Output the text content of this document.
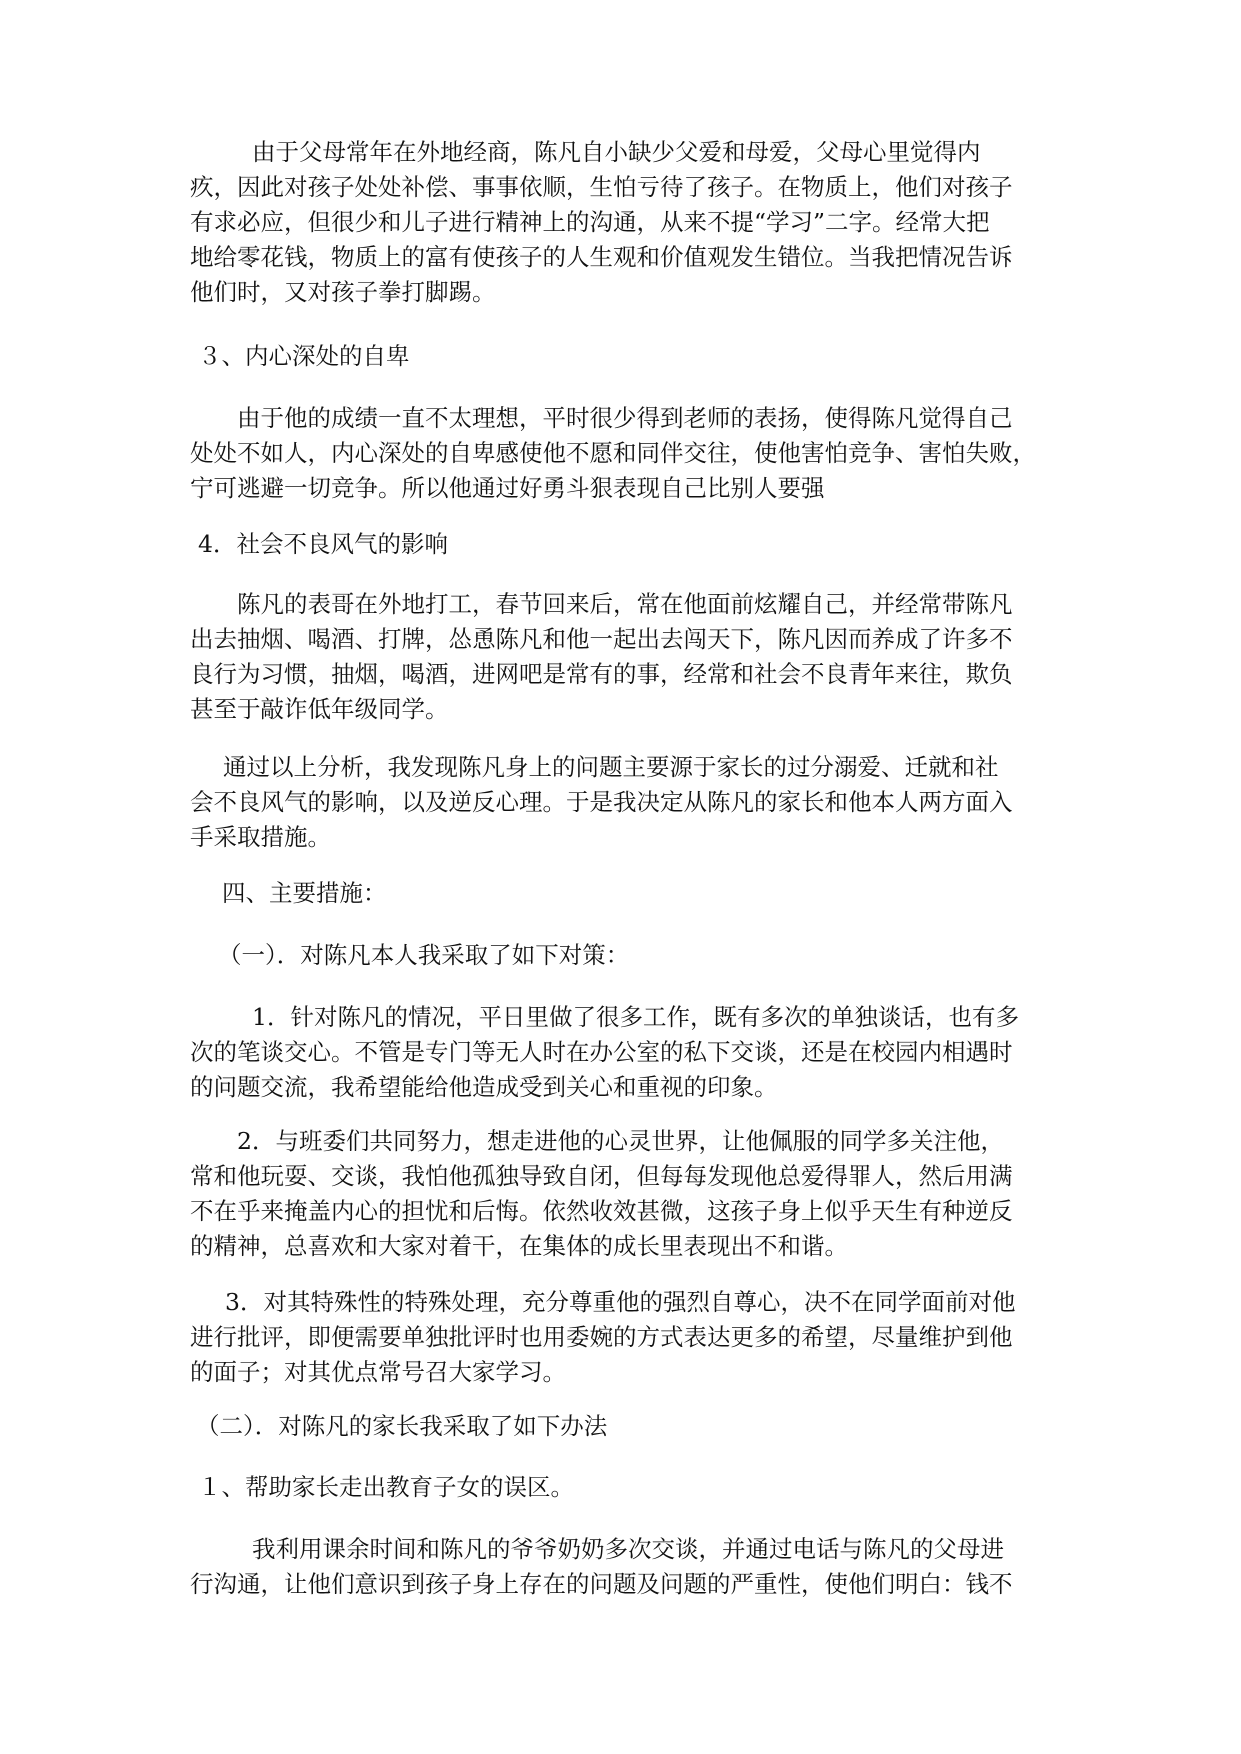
由于父母常年在外地经商，陈凡自小缺少父爱和母爱，父母心里觉得内
疚，因此对孩子处处补偿、事事依顺，生怕亏待了孩子。在物质上，他们对孩子
有求必应，但很少和儿子进行精神上的沟通，从来不提“学习”二字。经常大把
地给零花钱，物质上的富有使孩子的人生观和价值观发生错位。当我把情况告诉
他们时，又对孩子拳打脚踢。
３、内心深处的自卑
由于他的成绩一直不太理想，平时很少得到老师的表扬，使得陈凡觉得自己
处处不如人，内心深处的自卑感使他不愿和同伴交往，使他害怕竞争、害怕失败，
宁可逃避一切竞争。所以他通过好勇斗狠表现自己比别人要强
4．社会不良风气的影响
陈凡的表哥在外地打工，春节回来后，常在他面前炫耀自己，并经常带陈凡
出去抽烟、喝酒、打牌，怂恿陈凡和他一起出去闯天下，陈凡因而养成了许多不
良行为习惯，抽烟，喝酒，进网吧是常有的事，经常和社会不良青年来往，欺负
甚至于敲诈低年级同学。
通过以上分析，我发现陈凡身上的问题主要源于家长的过分溺爱、迁就和社
会不良风气的影响，以及逆反心理。于是我决定从陈凡的家长和他本人两方面入
手采取措施。
四、主要措施：
（一）．对陈凡本人我采取了如下对策：
1．针对陈凡的情况，平日里做了很多工作，既有多次的单独谈话，也有多
次的笔谈交心。不管是专门等无人时在办公室的私下交谈，还是在校园内相遇时
的问题交流，我希望能给他造成受到关心和重视的印象。
2．与班委们共同努力，想走进他的心灵世界，让他佩服的同学多关注他，
常和他玩耍、交谈，我怕他孤独导致自闭，但每每发现他总爱得罪人，然后用满
不在乎来掩盖内心的担忧和后悔。依然收效甚微，这孩子身上似乎天生有种逆反
的精神，总喜欢和大家对着干，在集体的成长里表现出不和谐。
3．对其特殊性的特殊处理，充分尊重他的强烈自尊心，决不在同学面前对他
进行批评，即便需要单独批评时也用委婉的方式表达更多的希望，尽量维护到他
的面子；对其优点常号召大家学习。
（二）．对陈凡的家长我采取了如下办法
１、帮助家长走出教育子女的误区。
我利用课余时间和陈凡的爷爷奶奶多次交谈，并通过电话与陈凡的父母进
行沟通，让他们意识到孩子身上存在的问题及问题的严重性，使他们明白：钱不
